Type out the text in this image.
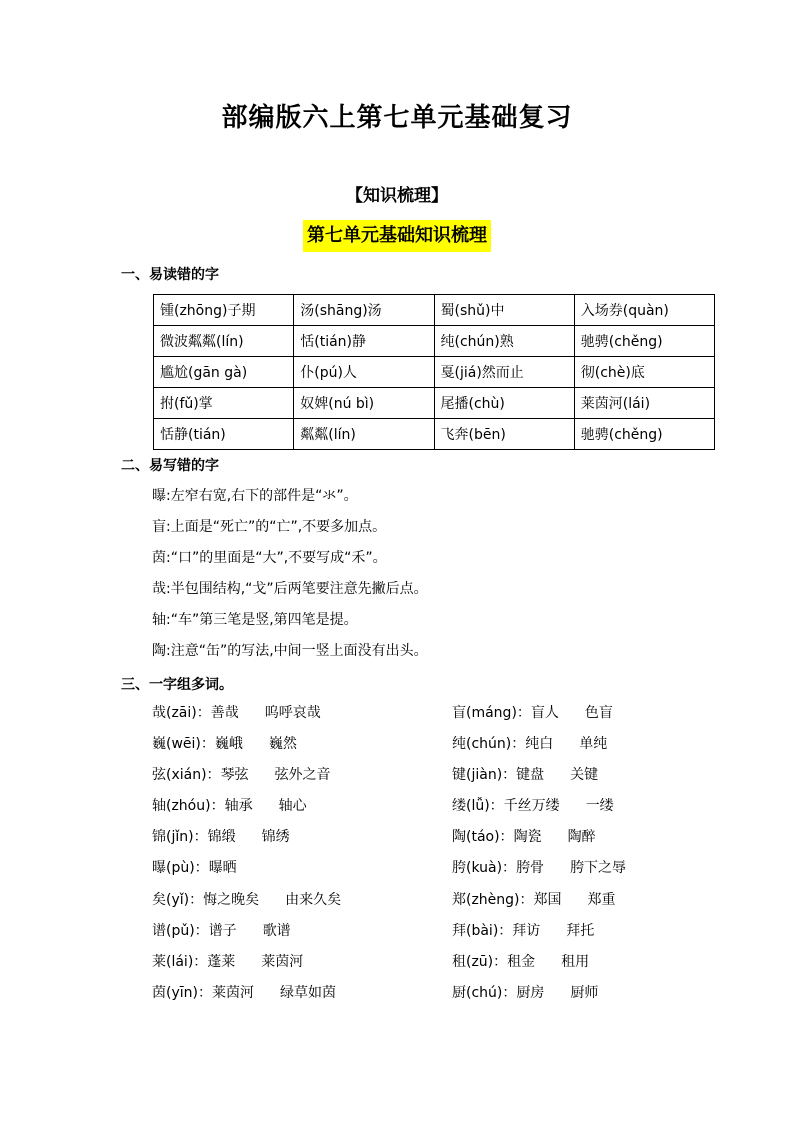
部编版六上第七单元基础复习
【知识梳理】
第七单元基础知识梳理
一、易读错的字
锺(zhōng)子期	汤(shāng)汤	蜀(shǔ)中	入场券(quàn)
微波粼粼(lín)	恬(tián)静	纯(chún)熟	驰骋(chěng)
尴尬(gān gà)	仆(pú)人	戛(jiá)然而止	彻(chè)底
拊(fǔ)掌	奴婢(nú bì)	尾播(chù)	莱茵河(lái)
恬静(tián)	粼粼(lín)	飞奔(bēn)	驰骋(chěng)
二、易写错的字
曝:左窄右宽,右下的部件是“氺”。
盲:上面是“死亡”的“亡”,不要多加点。
茵:“口”的里面是“大”,不要写成“禾”。
哉:半包围结构,“戈”后两笔要注意先撇后点。
轴:“车”第三笔是竖,第四笔是提。
陶:注意“缶”的写法,中间一竖上面没有出头。
三、一字组多词。
哉(zāi)：善哉 呜呼哀哉	盲(máng)：盲人 色盲
巍(wēi)：巍峨 巍然	纯(chún)：纯白 单纯
弦(xián)：琴弦 弦外之音	键(jiàn)：键盘 关键
轴(zhóu)：轴承 轴心	缕(lǚ)：千丝万缕 一缕
锦(jǐn)：锦缎 锦绣	陶(táo)：陶瓷 陶醉
曝(pù)：曝晒	胯(kuà)：胯骨 胯下之辱
矣(yǐ)：悔之晚矣 由来久矣	郑(zhèng)：郑国 郑重
谱(pǔ)：谱子 歌谱	拜(bài)：拜访 拜托
莱(lái)：蓬莱 莱茵河	租(zū)：租金 租用
茵(yīn)：莱茵河 绿草如茵	厨(chú)：厨房 厨师
